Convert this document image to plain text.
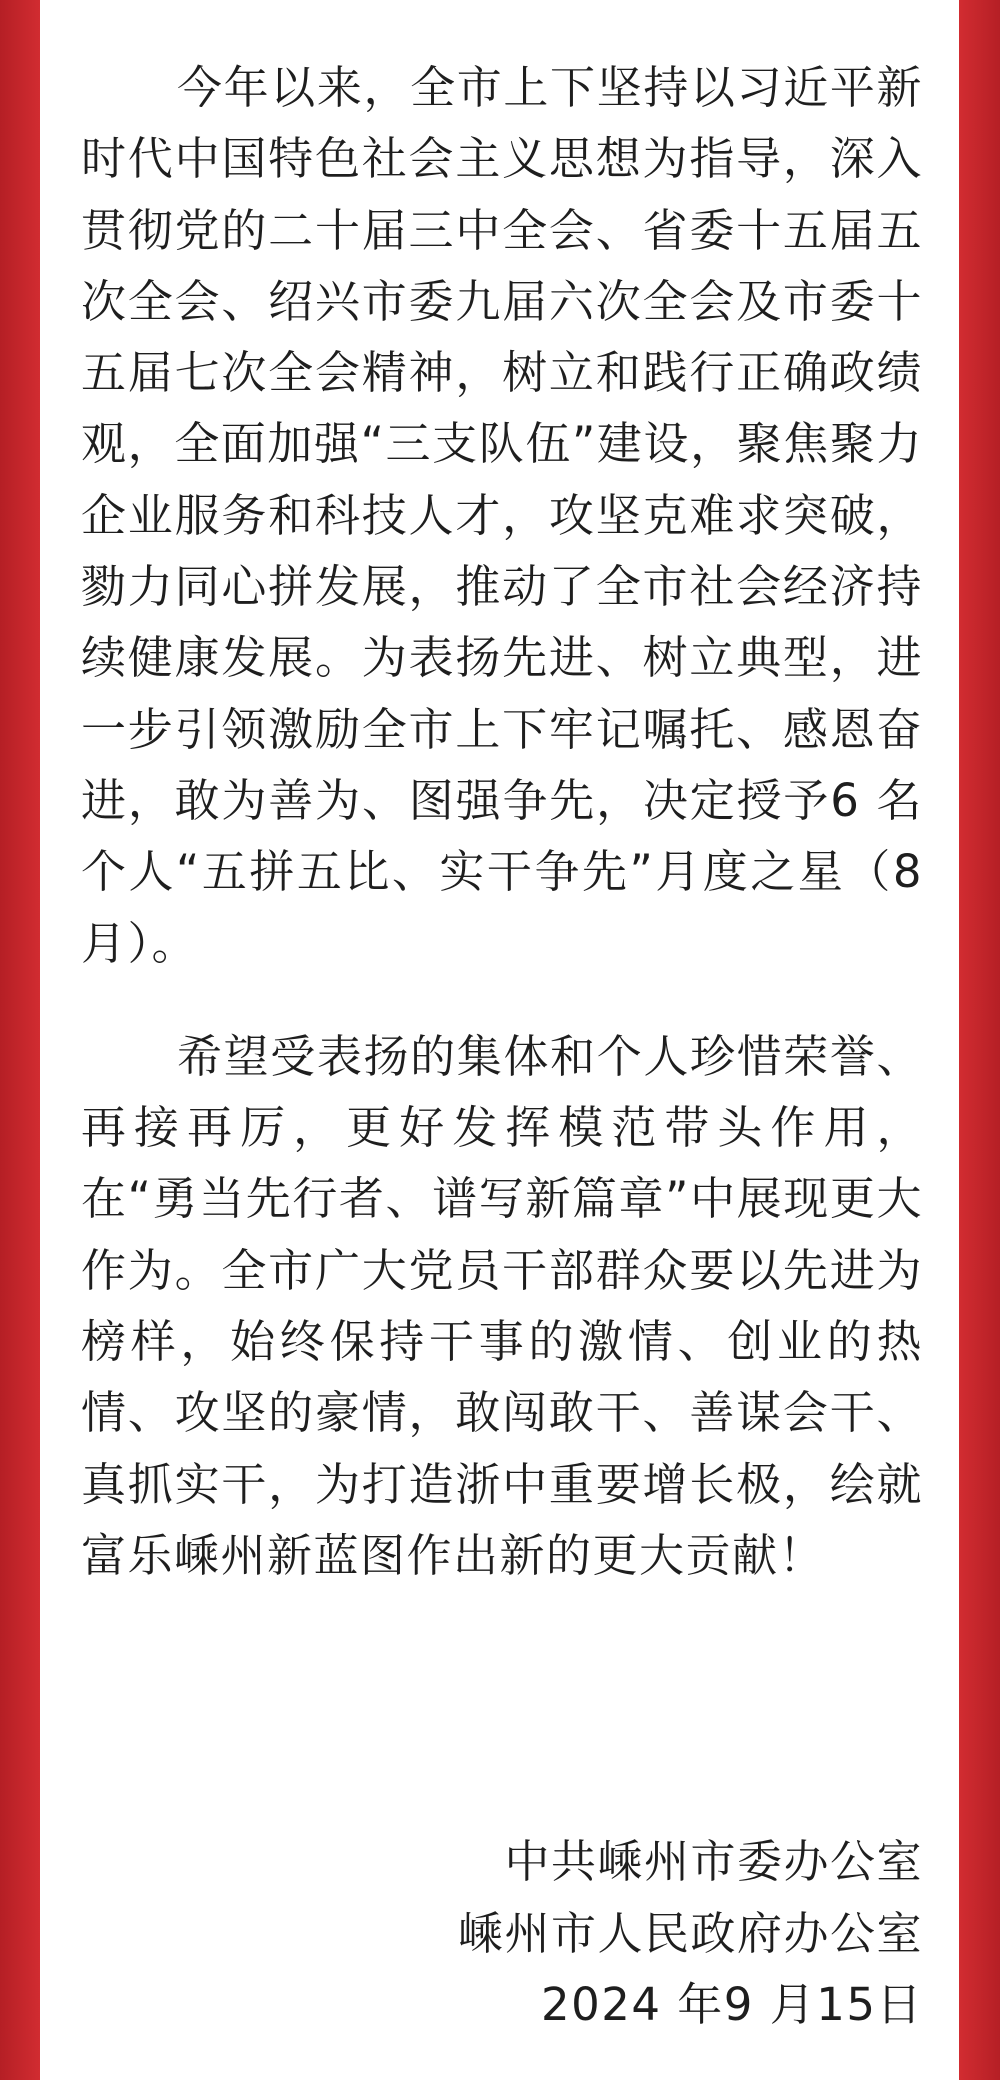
今年以来，全市上下坚持以习近平新时代中国特色社会主义思想为指导，深入贯彻党的二十届三中全会、省委十五届五次全会、绍兴市委九届六次全会及市委十五届七次全会精神，树立和践行正确政绩观，全面加强“三支队伍”建设，聚焦聚力企业服务和科技人才，攻坚克难求突破，勠力同心拼发展，推动了全市社会经济持续健康发展。为表扬先进、树立典型，进一步引领激励全市上下牢记嘱托、感恩奋进，敢为善为、图强争先，决定授予6 名个人“五拼五比、实干争先”月度之星（8月）。

希望受表扬的集体和个人珍惜荣誉、再接再厉，更好发挥模范带头作用，在“勇当先行者、谱写新篇章”中展现更大作为。全市广大党员干部群众要以先进为榜样，始终保持干事的激情、创业的热情、攻坚的豪情，敢闯敢干、善谋会干、真抓实干，为打造浙中重要增长极，绘就富乐嵊州新蓝图作出新的更大贡献！

中共嵊州市委办公室
嵊州市人民政府办公室
2024 年9 月15日
